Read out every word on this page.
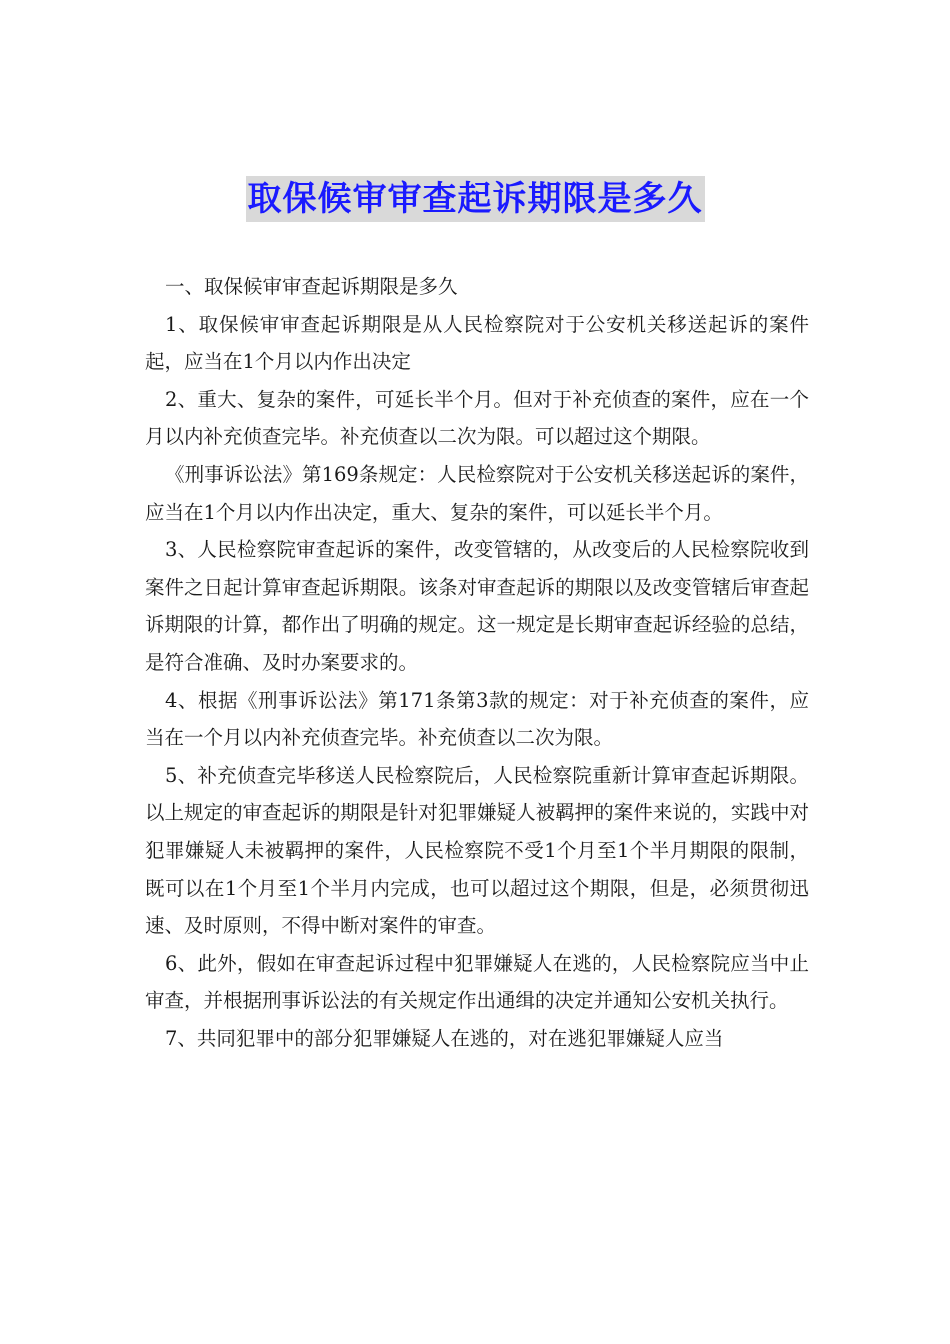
取保候审审查起诉期限是多久

一、取保候审审查起诉期限是多久

1、取保候审审查起诉期限是从人民检察院对于公安机关移送起诉的案件起，应当在1个月以内作出决定

2、重大、复杂的案件，可延长半个月。但对于补充侦查的案件，应在一个月以内补充侦查完毕。补充侦查以二次为限。可以超过这个期限。

《刑事诉讼法》第169条规定：人民检察院对于公安机关移送起诉的案件，应当在1个月以内作出决定，重大、复杂的案件，可以延长半个月。

3、人民检察院审查起诉的案件，改变管辖的，从改变后的人民检察院收到案件之日起计算审查起诉期限。该条对审查起诉的期限以及改变管辖后审查起诉期限的计算，都作出了明确的规定。这一规定是长期审查起诉经验的总结，是符合准确、及时办案要求的。

4、根据《刑事诉讼法》第171条第3款的规定：对于补充侦查的案件，应当在一个月以内补充侦查完毕。补充侦查以二次为限。

5、补充侦查完毕移送人民检察院后，人民检察院重新计算审查起诉期限。以上规定的审查起诉的期限是针对犯罪嫌疑人被羁押的案件来说的，实践中对犯罪嫌疑人未被羁押的案件，人民检察院不受1个月至1个半月期限的限制，既可以在1个月至1个半月内完成，也可以超过这个期限，但是，必须贯彻迅速、及时原则，不得中断对案件的审查。

6、此外，假如在审查起诉过程中犯罪嫌疑人在逃的，人民检察院应当中止审查，并根据刑事诉讼法的有关规定作出通缉的决定并通知公安机关执行。

7、共同犯罪中的部分犯罪嫌疑人在逃的，对在逃犯罪嫌疑人应当
